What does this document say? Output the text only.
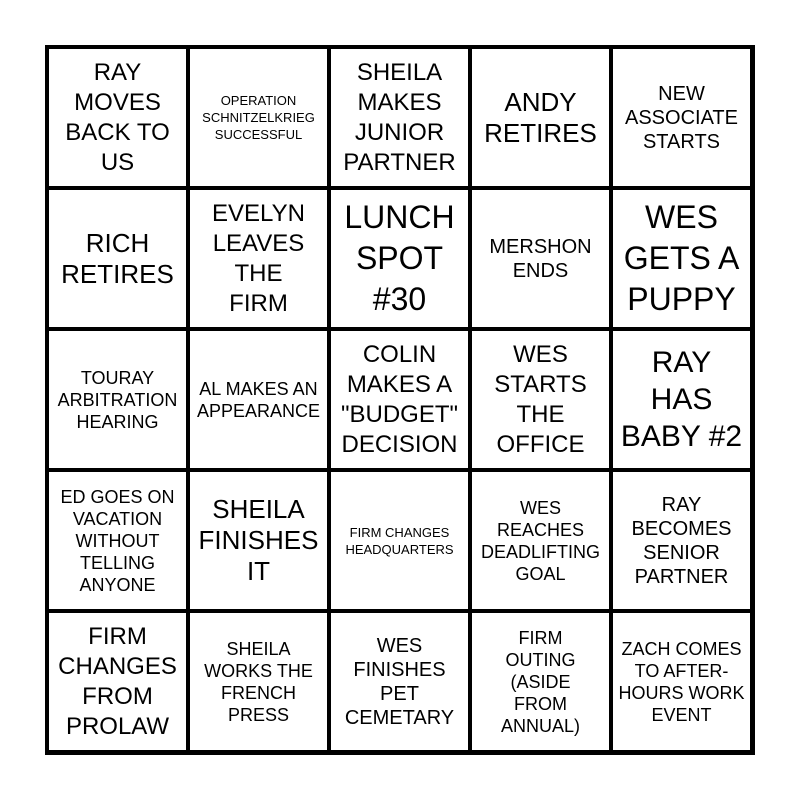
RAY MOVES BACK TO US
OPERATION SCHNITZELKRIEG SUCCESSFUL
SHEILA MAKES JUNIOR PARTNER
ANDY RETIRES
NEW ASSOCIATE STARTS
RICH RETIRES
EVELYN LEAVES THE FIRM
LUNCH SPOT #30
MERSHON ENDS
WES GETS A PUPPY
TOURAY ARBITRATION HEARING
AL MAKES AN APPEARANCE
COLIN MAKES A "BUDGET" DECISION
WES STARTS THE OFFICE
RAY HAS BABY #2
ED GOES ON VACATION WITHOUT TELLING ANYONE
SHEILA FINISHES IT
FIRM CHANGES HEADQUARTERS
WES REACHES DEADLIFTING GOAL
RAY BECOMES SENIOR PARTNER
FIRM CHANGES FROM PROLAW
SHEILA WORKS THE FRENCH PRESS
WES FINISHES PET CEMETARY
FIRM OUTING (ASIDE FROM ANNUAL)
ZACH COMES TO AFTER-HOURS WORK EVENT
